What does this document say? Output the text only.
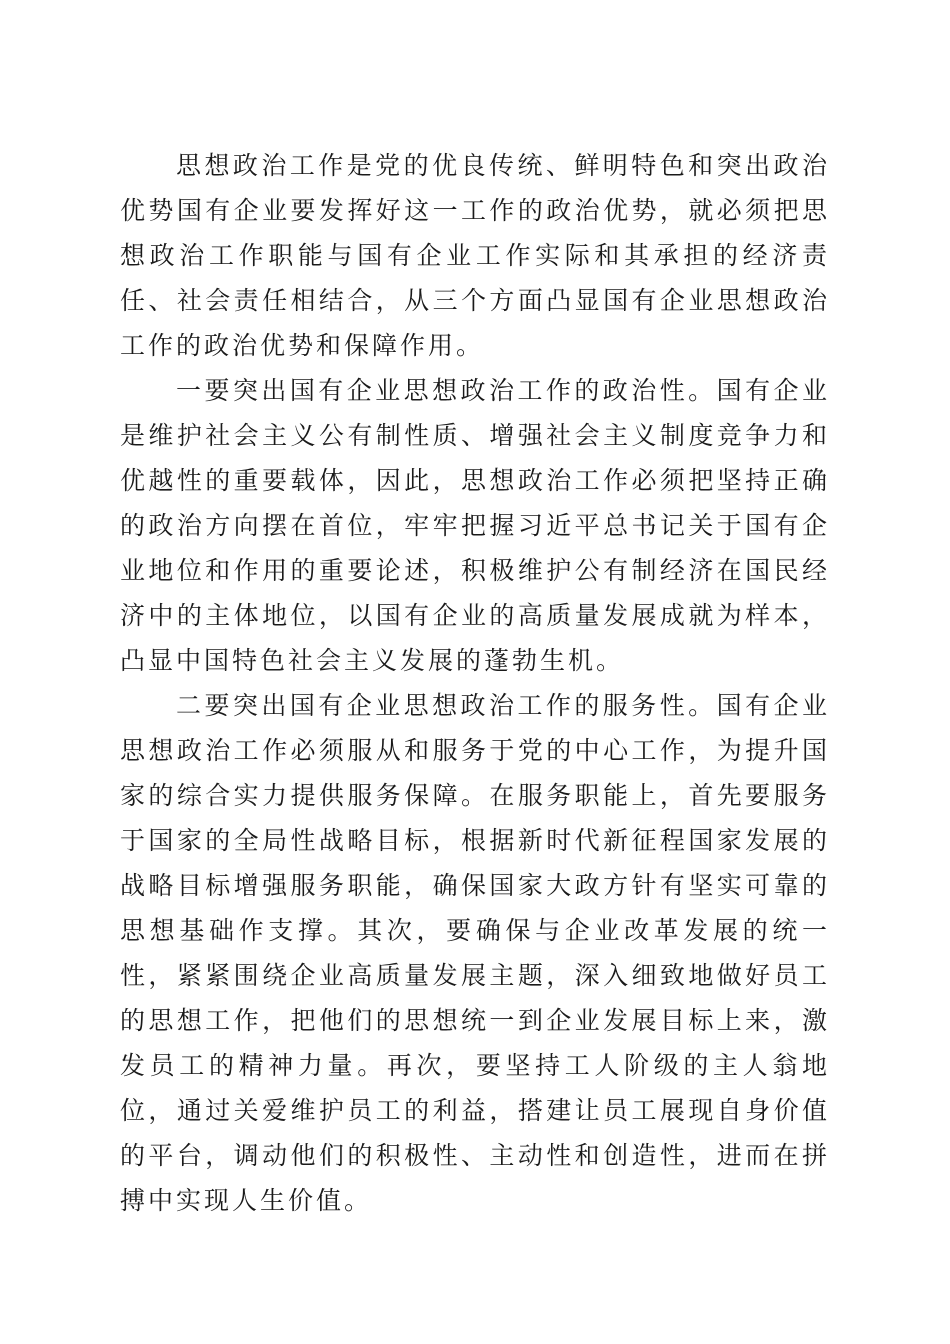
思想政治工作是党的优良传统、鲜明特色和突出政治优势国有企业要发挥好这一工作的政治优势，就必须把思想政治工作职能与国有企业工作实际和其承担的经济责任、社会责任相结合，从三个方面凸显国有企业思想政治工作的政治优势和保障作用。

一要突出国有企业思想政治工作的政治性。国有企业是维护社会主义公有制性质、增强社会主义制度竞争力和优越性的重要载体，因此，思想政治工作必须把坚持正确的政治方向摆在首位，牢牢把握习近平总书记关于国有企业地位和作用的重要论述，积极维护公有制经济在国民经济中的主体地位，以国有企业的高质量发展成就为样本，凸显中国特色社会主义发展的蓬勃生机。

二要突出国有企业思想政治工作的服务性。国有企业思想政治工作必须服从和服务于党的中心工作，为提升国家的综合实力提供服务保障。在服务职能上，首先要服务于国家的全局性战略目标，根据新时代新征程国家发展的战略目标增强服务职能，确保国家大政方针有坚实可靠的思想基础作支撑。其次，要确保与企业改革发展的统一性，紧紧围绕企业高质量发展主题，深入细致地做好员工的思想工作，把他们的思想统一到企业发展目标上来，激发员工的精神力量。再次，要坚持工人阶级的主人翁地位，通过关爱维护员工的利益，搭建让员工展现自身价值的平台，调动他们的积极性、主动性和创造性，进而在拼搏中实现人生价值。
